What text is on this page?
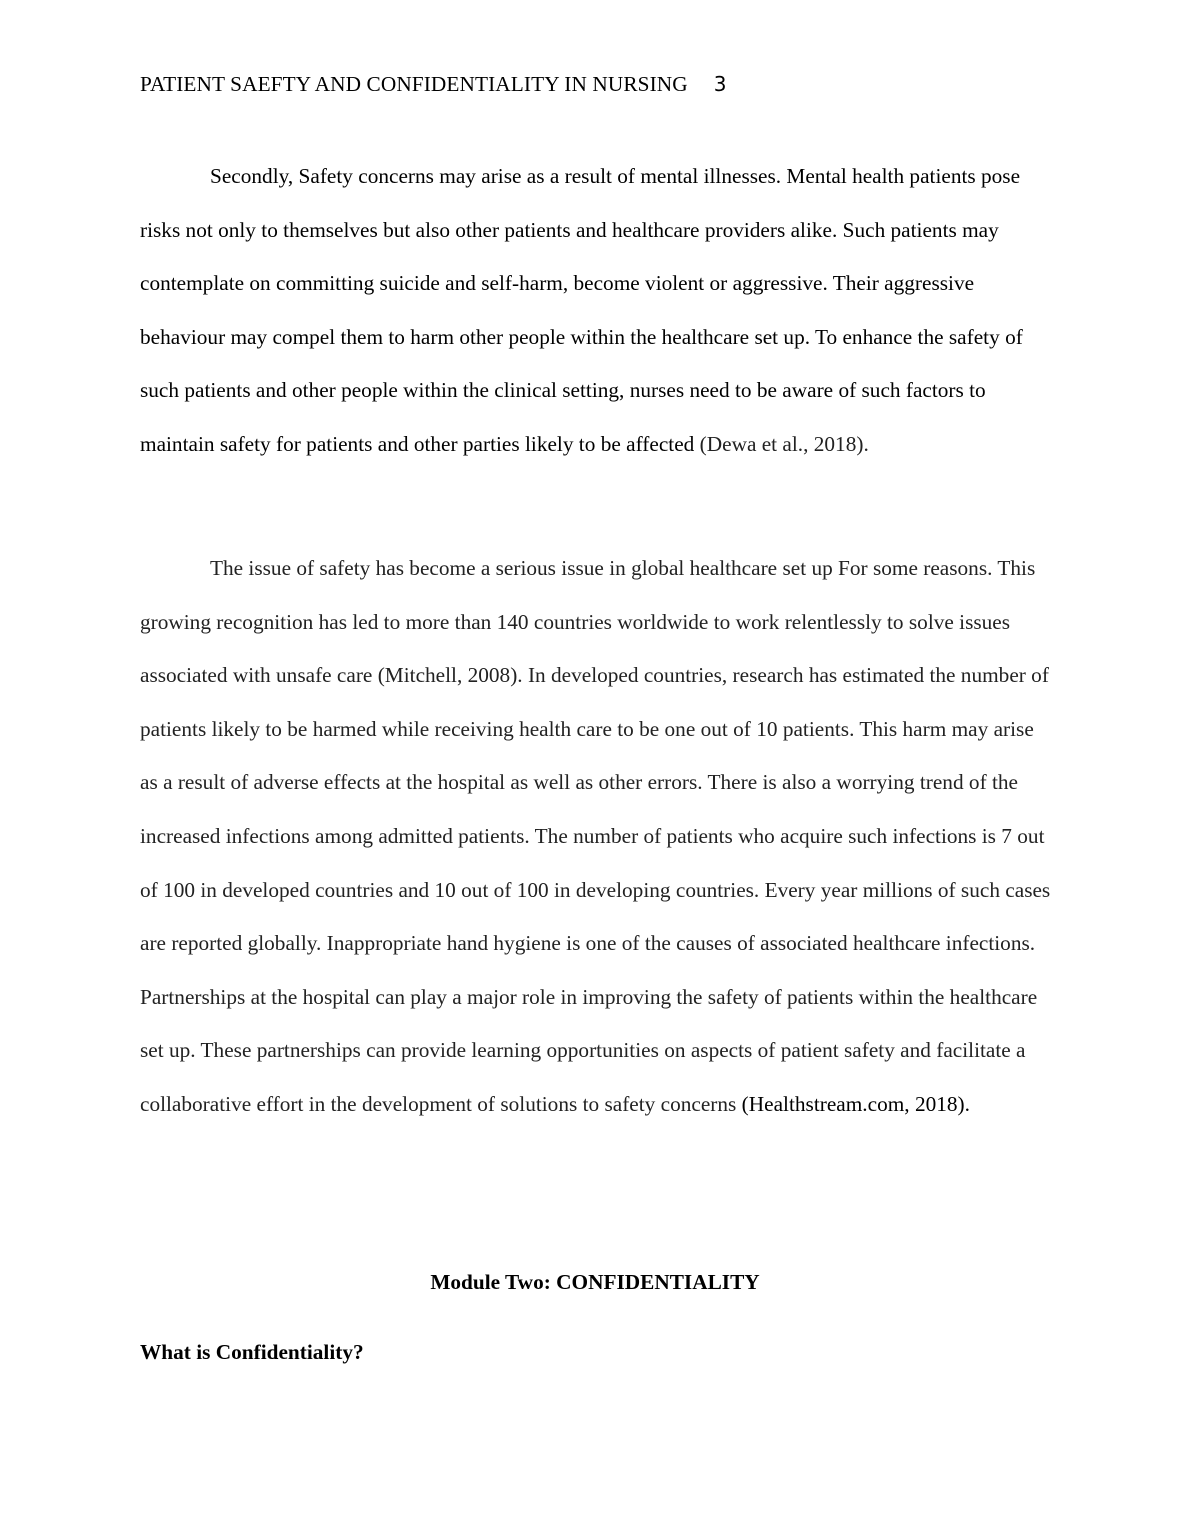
PATIENT SAEFTY AND CONFIDENTIALITY IN NURSING 3

Secondly, Safety concerns may arise as a result of mental illnesses. Mental health patients pose risks not only to themselves but also other patients and healthcare providers alike. Such patients may contemplate on committing suicide and self-harm, become violent or aggressive. Their aggressive behaviour may compel them to harm other people within the healthcare set up. To enhance the safety of such patients and other people within the clinical setting, nurses need to be aware of such factors to maintain safety for patients and other parties likely to be affected (Dewa et al., 2018).

The issue of safety has become a serious issue in global healthcare set up For some reasons. This growing recognition has led to more than 140 countries worldwide to work relentlessly to solve issues associated with unsafe care (Mitchell, 2008). In developed countries, research has estimated the number of patients likely to be harmed while receiving health care to be one out of 10 patients. This harm may arise as a result of adverse effects at the hospital as well as other errors. There is also a worrying trend of the increased infections among admitted patients. The number of patients who acquire such infections is 7 out of 100 in developed countries and 10 out of 100 in developing countries. Every year millions of such cases are reported globally. Inappropriate hand hygiene is one of the causes of associated healthcare infections. Partnerships at the hospital can play a major role in improving the safety of patients within the healthcare set up. These partnerships can provide learning opportunities on aspects of patient safety and facilitate a collaborative effort in the development of solutions to safety concerns (Healthstream.com, 2018).

Module Two: CONFIDENTIALITY
What is Confidentiality?
